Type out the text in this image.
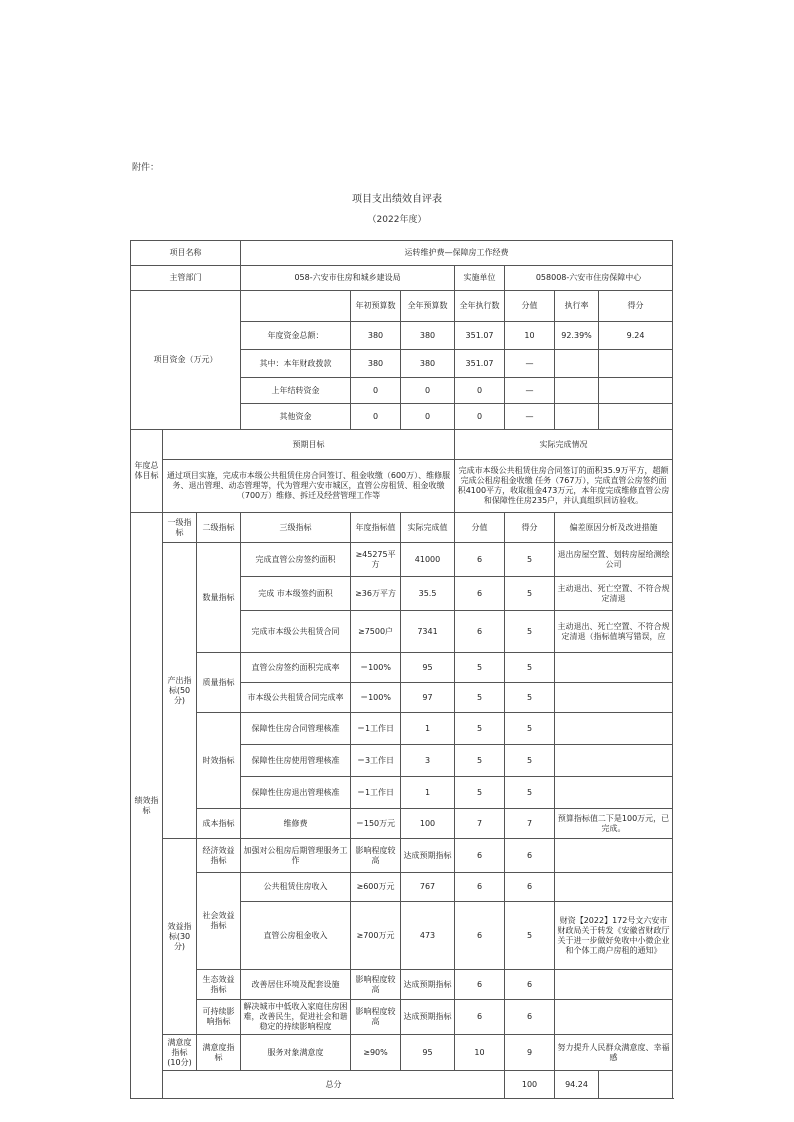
附件：
项目支出绩效自评表
（2022年度）
项目名称			运转维护费—保障房工作经费						
主管部门			058-六安市住房和城乡建设局			实施单位	058008-六安市住房保障中心		
项目资金（万元）				年初预算数	全年预算数	全年执行数	分值	执行率	得分
			年度资金总额：	380	380	351.07	10	92.39%	9.24
			其中：本年财政拨款	380	380	351.07	—		
			上年结转资金	0	0	0	—		
			其他资金	0	0	0	—		
年度总体目标	预期目标					实际完成情况			
	通过项目实施，完成市本级公共租赁住房合同签订、租金收缴（600万）、维修服务、退出管理、动态管理等，代为管理六安市城区，直管公房租赁、租金收缴（700万）维修、拆迁及经营管理工作等					完成市本级公共租赁住房合同签订的面积35.9万平方，超额完成公租房租金收缴 任务（767万），完成直管公房签约面积4100平方，收取租金473万元，本年度完成维修直管公房和保障性住房235户，并认真组织回访验收。			
绩效指标	一级指标	二级指标	三级指标	年度指标值	实际完成值	分值	得分	偏差原因分析及改进措施	
	产出指标(50分)	数量指标	完成直管公房签约面积	≥45275平方	41000	6	5	退出房屋空置、划转房屋给测绘公司	
			完成 市本级签约面积	≥36万平方	35.5	6	5	主动退出、死亡空置、不符合规定清退	
			完成市本级公共租赁合同	≥7500户	7341	6	5	主动退出、死亡空置、不符合规定清退（指标值填写错误，应	
		质量指标	直管公房签约面积完成率	＝100%	95	5	5		
			市本级公共租赁合同完成率	＝100%	97	5	5		
		时效指标	保障性住房合同管理核准	＝1工作日	1	5	5		
			保障性住房使用管理核准	＝3工作日	3	5	5		
			保障性住房退出管理核准	＝1工作日	1	5	5		
		成本指标	维修费	＝150万元	100	7	7	预算指标值二下是100万元，已完成。	
	效益指标(30分)	经济效益指标	加强对公租房后期管理服务工作	影响程度较高	达成预期指标	6	6		
		社会效益指标	公共租赁住房收入	≥600万元	767	6	6		
			直管公房租金收入	≥700万元	473	6	5	财资【2022】172号文六安市财政局关于转发《安徽省财政厅关于进一步做好免收中小微企业和个体工商户房租的通知》	
		生态效益指标	改善居住环境及配套设施	影响程度较高	达成预期指标	6	6		
		可持续影响指标	解决城市中低收入家庭住房困难，改善民生，促进社会和谐稳定的持续影响程度	影响程度较高	达成预期指标	6	6		
	满意度指标(10分)	满意度指标	服务对象满意度	≥90%	95	10	9	努力提升人民群众满意度、幸福感	
	总分						100	94.24	
